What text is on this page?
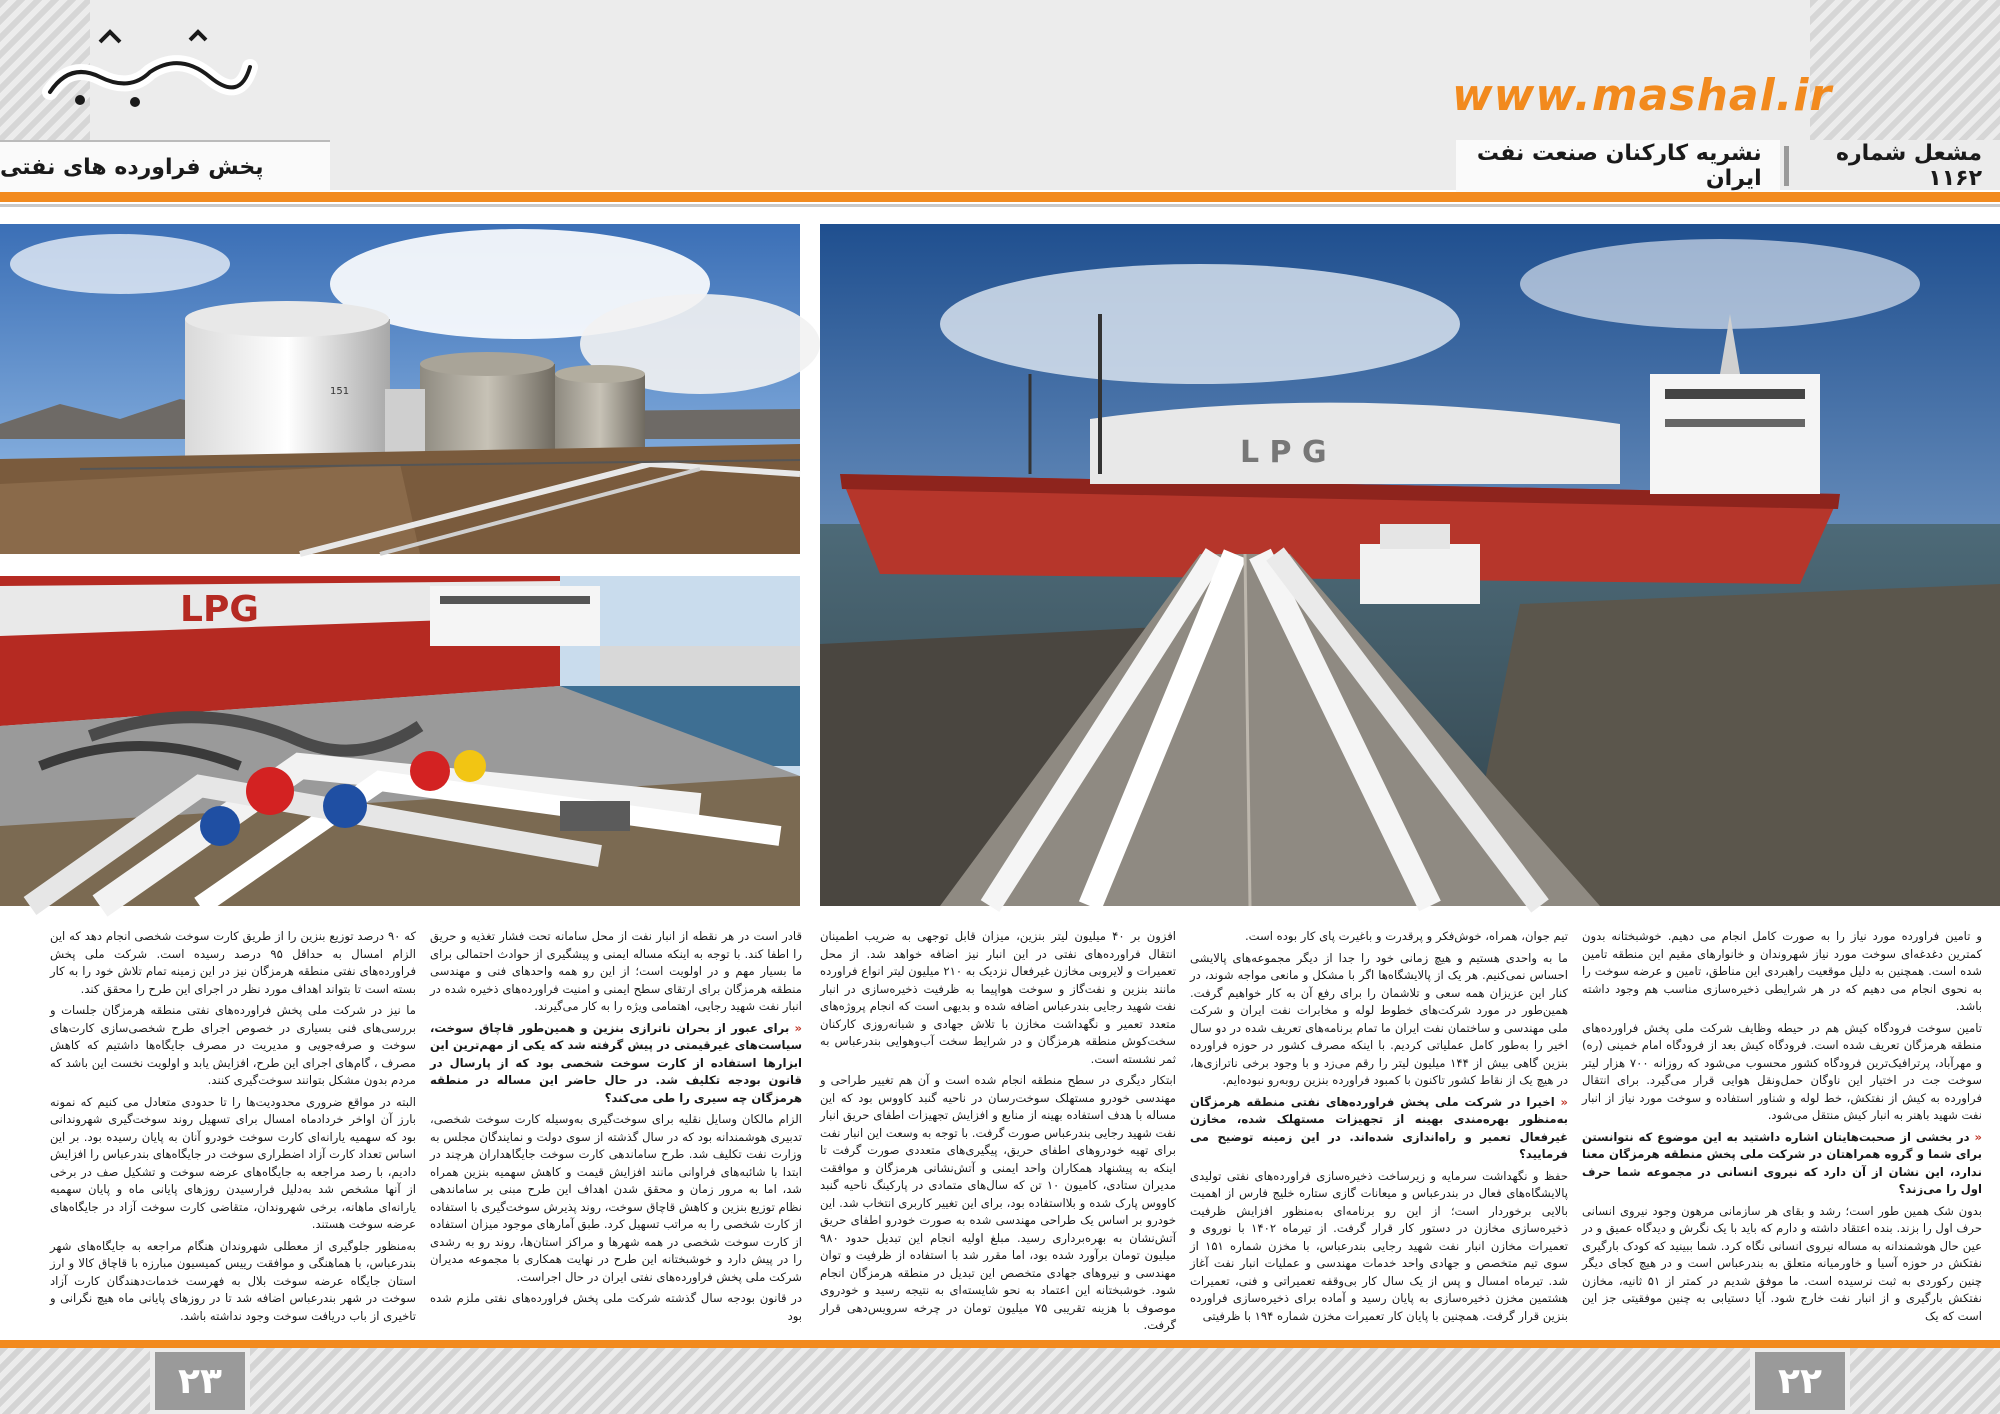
www.mashal.ir
پخش فراورده های نفتی
مشعل شماره ۱۱۶۲
نشریه کارکنان صنعت نفت ایران
151
LPG
L P G

و تامین فراورده مورد نیاز را به صورت کامل انجام می دهیم. خوشبختانه بدون کمترین دغدغه‌ای سوخت مورد نیاز شهروندان و خانوارهای مقیم این منطقه تامین شده است. همچنین به دلیل موقعیت راهبردی این مناطق، تامین و عرضه سوخت را به نحوی انجام می دهیم که در هر شرایطی ذخیره‌سازی مناسب هم وجود داشته باشد.

تامین سوخت فرودگاه کیش هم در حیطه وظایف شرکت ملی پخش فراورده‌های منطقه هرمزگان تعریف شده است. فرودگاه کیش بعد از فرودگاه امام خمینی (ره) و مهرآباد، پرترافیک‌ترین فرودگاه کشور محسوب می‌شود که روزانه ۷۰۰ هزار لیتر سوخت جت در اختیار این ناوگان حمل‌ونقل هوایی قرار می‌گیرد. برای انتقال فراورده به کیش از نفتکش، خط لوله و شناور استفاده و سوخت مورد نیاز از انبار نفت شهید باهنر به انبار کیش منتقل می‌شود.

« در بخشی از صحبت‌هایتان اشاره داشتید به این موضوع که نتوانستن برای شما و گروه همراهتان در شرکت ملی پخش منطقه هرمزگان معنا ندارد، این نشان از آن دارد که نیروی انسانی در مجموعه شما حرف اول را می‌زند؟

بدون شک همین طور است؛ رشد و بقای هر سازمانی مرهون وجود نیروی انسانی حرف اول را بزند. بنده اعتقاد داشته و دارم که باید با یک نگرش و دیدگاه عمیق و در عین حال هوشمندانه به مساله نیروی انسانی نگاه کرد. شما ببینید که کودک بارگیری نفتکش در حوزه آسیا و خاورمیانه متعلق به بندرعباس است و در هیچ کجای دیگر چنین رکوردی به ثبت نرسیده است. ما موفق شدیم در کمتر از ۵۱ ثانیه، مخازن نفتکش بارگیری و از انبار نفت خارج شود. آیا دستیابی به چنین موفقیتی جز این است که یک

تیم جوان، همراه، خوش‌فکر و پرقدرت و باغیرت پای کار بوده است.

ما به واحدی هستیم و هیچ زمانی خود را جدا از دیگر مجموعه‌های پالایشی احساس نمی‌کنیم. هر یک از پالایشگاه‌ها اگر با مشکل و مانعی مواجه شوند، در کنار این عزیزان همه سعی و تلاشمان را برای رفع آن به کار خواهیم گرفت. همین‌طور در مورد شرکت‌های خطوط لوله و مخابرات نفت ایران و شرکت ملی مهندسی و ساختمان نفت ایران ما تمام برنامه‌های تعریف شده در دو سال اخیر را به‌طور کامل عملیاتی کردیم. با اینکه مصرف کشور در حوزه فراورده بنزین گاهی بیش از ۱۴۴ میلیون لیتر را رقم می‌زد و با وجود برخی ناترازی‌ها، در هیچ یک از نقاط کشور تاکنون با کمبود فراورده بنزین روبه‌رو نبوده‌ایم.

« اخیرا در شرکت ملی پخش فراورده‌های نفتی منطقه هرمزگان به‌منظور بهره‌مندی بهینه از تجهیزات مستهلک شده، مخازن غیرفعال تعمیر و راه‌اندازی شده‌اند. در این زمینه توضیح می فرمایید؟

حفظ و نگهداشت سرمایه و زیرساخت ذخیره‌سازی فراورده‌های نفتی تولیدی پالایشگاه‌های فعال در بندرعباس و میعانات گازی ستاره خلیج فارس از اهمیت بالایی برخوردار است؛ از این رو برنامه‌ای به‌منظور افزایش ظرفیت ذخیره‌سازی مخازن در دستور کار قرار گرفت. از تیرماه ۱۴۰۲ با نوروی و تعمیرات مخازن انبار نفت شهید رجایی بندرعباس، با مخزن شماره ۱۵۱ از سوی تیم متخصص و جهادی واحد خدمات مهندسی و عملیات انبار نفت آغاز شد. تیرماه امسال و پس از یک سال کار بی‌وقفه تعمیراتی و فنی، تعمیرات هشتمین مخزن ذخیره‌سازی به پایان رسید و آماده برای ذخیره‌سازی فراورده بنزین قرار گرفت. همچنین با پایان کار تعمیرات مخزن شماره ۱۹۴ با ظرفیتی

افزون بر ۴۰ میلیون لیتر بنزین، میزان قابل توجهی به ضریب اطمینان انتقال فراورده‌های نفتی در این انبار نیز اضافه خواهد شد. از محل تعمیرات و لایروبی مخازن غیرفعال نزدیک به ۲۱۰ میلیون لیتر انواع فراورده مانند بنزین و نفت‌گاز و سوخت هواپیما به ظرفیت ذخیره‌سازی در انبار نفت شهید رجایی بندرعباس اضافه شده و بدیهی است که انجام پروژه‌های متعدد تعمیر و نگهداشت مخازن با تلاش جهادی و شبانه‌روزی کارکنان سخت‌کوش منطقه هرمزگان و در شرایط سخت آب‌وهوایی بندرعباس به ثمر نشسته است.

ابتکار دیگری در سطح منطقه انجام شده است و آن هم تغییر طراحی و مهندسی خودرو مستهلک سوخت‌رسان در ناحیه گنبد کاووس بود که این مساله با هدف استفاده بهینه از منابع و افزایش تجهیزات اطفای حریق انبار نفت شهید رجایی بندرعباس صورت گرفت. با توجه به وسعت این انبار نفت برای تهیه خودروهای اطفای حریق، پیگیری‌های متعددی صورت گرفت تا اینکه به پیشنهاد همکاران واحد ایمنی و آتش‌نشانی هرمزگان و موافقت مدیران ستادی، کامیون ۱۰ تن که سال‌های متمادی در پارکینگ ناحیه گنبد کاووس پارک شده و بلااستفاده بود، برای این تغییر کاربری انتخاب شد. این خودرو بر اساس یک طراحی مهندسی شده به صورت خودرو اطفای حریق آتش‌نشان به بهره‌برداری رسید. مبلغ اولیه انجام این تبدیل حدود ۹۸۰ میلیون تومان برآورد شده بود، اما مقرر شد با استفاده از ظرفیت و توان مهندسی و نیروهای جهادی متخصص این تبدیل در منطقه هرمزگان انجام شود. خوشبختانه این اعتماد به نحو شایسته‌ای به نتیجه رسید و خودروی موصوف با هزینه تقریبی ۷۵ میلیون تومان در چرخه سرویس‌دهی قرار گرفت.

قادر است در هر نقطه از انبار نفت از محل سامانه تحت فشار تغذیه و حریق را اطفا کند. با توجه به اینکه مساله ایمنی و پیشگیری از حوادث احتمالی برای ما بسیار مهم و در اولویت است؛ از این رو همه واحدهای فنی و مهندسی منطقه هرمزگان برای ارتقای سطح ایمنی و امنیت فراورده‌های ذخیره شده در انبار نفت شهید رجایی، اهتمامی ویژه را به کار می‌گیرند.

« برای عبور از بحران ناترازی بنزین و همین‌طور قاچاق سوخت، سیاست‌های غیرقیمتی در پیش گرفته شد که یکی از مهم‌ترین این ابزارها استفاده از کارت سوخت شخصی بود که از پارسال در قانون بودجه تکلیف شد. در حال حاضر این مساله در منطقه هرمزگان چه سیری را طی می‌کند؟

الزام مالکان وسایل نقلیه برای سوخت‌گیری به‌وسیله کارت سوخت شخصی، تدبیری هوشمندانه بود که در سال گذشته از سوی دولت و نمایندگان مجلس به وزارت نفت تکلیف شد. طرح ساماندهی کارت سوخت جایگاهداران هرچند در ابتدا با شائبه‌های فراوانی مانند افزایش قیمت و کاهش سهمیه بنزین همراه شد، اما به مرور زمان و محقق شدن اهداف این طرح مبنی بر ساماندهی نظام توزیع بنزین و کاهش قاچاق سوخت، روند پذیرش سوخت‌گیری با استفاده از کارت شخصی را به مراتب تسهیل کرد. طبق آمارهای موجود میزان استفاده از کارت سوخت شخصی در همه شهرها و مراکز استان‌ها، روند رو به رشدی را در پیش دارد و خوشبختانه این طرح در نهایت همکاری با مجموعه مدیران شرکت ملی پخش فراورده‌های نفتی ایران در حال اجراست.

در قانون بودجه سال گذشته شرکت ملی پخش فراورده‌های نفتی ملزم شده بود

که ۹۰ درصد توزیع بنزین را از طریق کارت سوخت شخصی انجام دهد که این الزام امسال به حداقل ۹۵ درصد رسیده است. شرکت ملی پخش فراورده‌های نفتی منطقه هرمزگان نیز در این زمینه تمام تلاش خود را به کار بسته است تا بتواند اهداف مورد نظر در اجرای این طرح را محقق کند.

ما نیز در شرکت ملی پخش فراورده‌های نفتی منطقه هرمزگان جلسات و بررسی‌های فنی بسیاری در خصوص اجرای طرح شخصی‌سازی کارت‌های سوخت و صرفه‌جویی و مدیریت در مصرف جایگاه‌ها داشتیم که کاهش مصرف ، گام‌های اجرای این طرح، افزایش یابد و اولویت نخست این باشد که مردم بدون مشکل بتوانند سوخت‌گیری کنند.

البته در مواقع ضروری محدودیت‌ها را تا حدودی متعادل می کنیم که نمونه بارز آن اواخر خردادماه امسال برای تسهیل روند سوخت‌گیری شهروندانی بود که سهمیه یارانه‌ای کارت سوخت خودرو آنان به پایان رسیده بود. بر این اساس تعداد کارت آزاد اضطراری سوخت در جایگاه‌های بندرعباس را افزایش دادیم، با رصد مراجعه به جایگاه‌های عرضه سوخت و تشکیل صف در برخی از آنها مشخص شد به‌دلیل فرارسیدن روزهای پایانی ماه و پایان سهمیه یارانه‌ای ماهانه، برخی شهروندان، متقاضی کارت سوخت آزاد در جایگاه‌های عرضه سوخت هستند.

به‌منظور جلوگیری از معطلی شهروندان هنگام مراجعه به جایگاه‌های شهر بندرعباس، با هماهنگی و موافقت رییس کمیسیون مبارزه با قاچاق کالا و ارز استان جایگاه عرضه سوخت بلال به فهرست خدمات‌دهندگان کارت آزاد سوخت در شهر بندرعباس اضافه شد تا در روزهای پایانی ماه هیچ نگرانی و تاخیری از باب دریافت سوخت وجود نداشته باشد.

۲۳	۲۲
